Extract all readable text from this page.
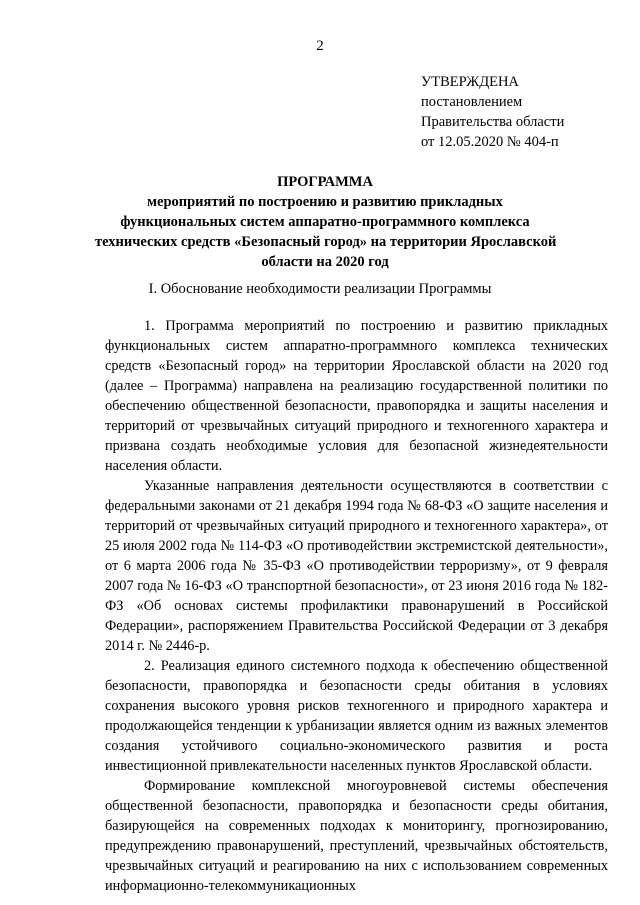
2
УТВЕРЖДЕНА
постановлением
Правительства области
от 12.05.2020 № 404-п
ПРОГРАММА
мероприятий по построению и развитию прикладных
функциональных систем аппаратно-программного комплекса
технических средств «Безопасный город» на территории Ярославской
области на 2020 год
I. Обоснование необходимости реализации Программы

1. Программа мероприятий по построению и развитию прикладных функциональных систем аппаратно-программного комплекса технических средств «Безопасный город» на территории Ярославской области на 2020 год (далее – Программа) направлена на реализацию государственной политики по обеспечению общественной безопасности, правопорядка и защиты населения и территорий от чрезвычайных ситуаций природного и техногенного характера и призвана создать необходимые условия для безопасной жизнедеятельности населения области.

Указанные направления деятельности осуществляются в соответствии с федеральными законами от 21 декабря 1994 года № 68-ФЗ «О защите населения и территорий от чрезвычайных ситуаций природного и техногенного характера», от 25 июля 2002 года № 114-ФЗ «О противодействии экстремистской деятельности», от 6 марта 2006 года № 35-ФЗ «О противодействии терроризму», от 9 февраля 2007 года № 16-ФЗ «О транспортной безопасности», от 23 июня 2016 года № 182-ФЗ «Об основах системы профилактики правонарушений в Российской Федерации», распоряжением Правительства Российской Федерации от 3 декабря 2014 г. № 2446-р.

2. Реализация единого системного подхода к обеспечению общественной безопасности, правопорядка и безопасности среды обитания в условиях сохранения высокого уровня рисков техногенного и природного характера и продолжающейся тенденции к урбанизации является одним из важных элементов создания устойчивого социально-экономического развития и роста инвестиционной привлекательности населенных пунктов Ярославской области.

Формирование комплексной многоуровневой системы обеспечения общественной безопасности, правопорядка и безопасности среды обитания, базирующейся на современных подходах к мониторингу, прогнозированию, предупреждению правонарушений, преступлений, чрезвычайных обстоятельств, чрезвычайных ситуаций и реагированию на них с использованием современных информационно-телекоммуникационных
